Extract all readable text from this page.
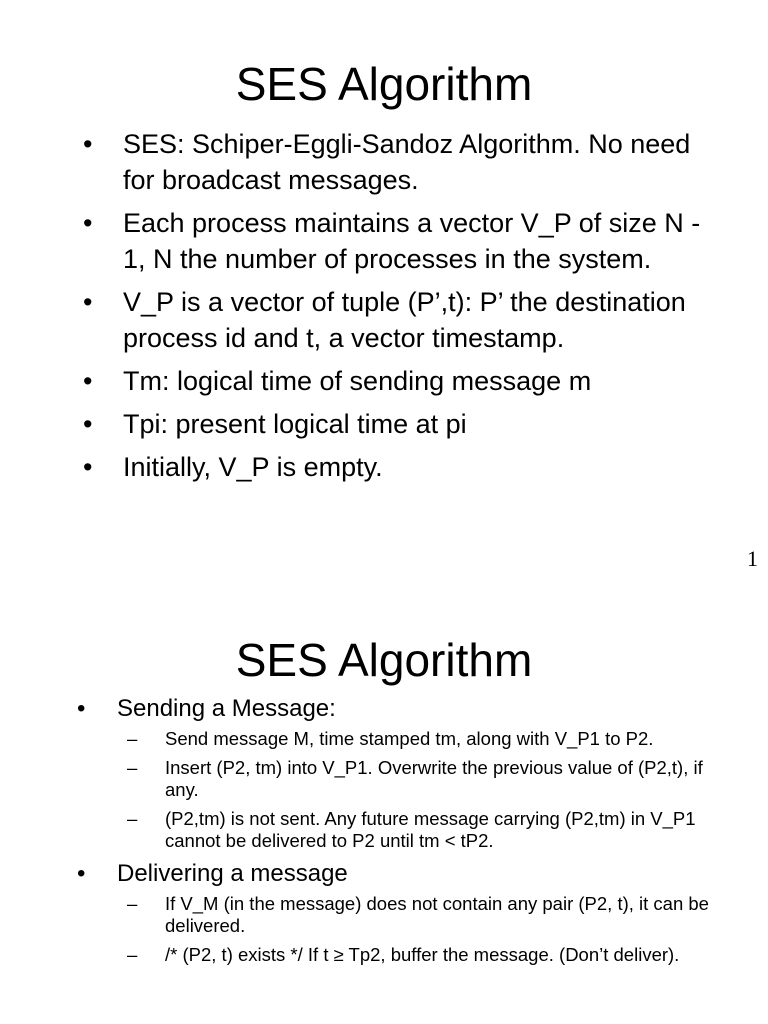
SES Algorithm
• SES: Schiper-Eggli-Sandoz Algorithm. No need for broadcast messages.
• Each process maintains a vector V_P of size N - 1, N the number of processes in the system.
• V_P is a vector of tuple (P’,t): P’ the destination process id and t, a vector timestamp.
• Tm: logical time of sending message m
• Tpi: present logical time at pi
• Initially, V_P is empty.
1
SES Algorithm
• Sending a Message:
– Send message M, time stamped tm, along with V_P1 to P2.
– Insert (P2, tm) into V_P1. Overwrite the previous value of (P2,t), if any.
– (P2,tm) is not sent. Any future message carrying (P2,tm) in V_P1 cannot be delivered to P2 until tm < tP2.
• Delivering a message
– If V_M (in the message) does not contain any pair (P2, t), it can be delivered.
– /* (P2, t) exists */ If t ≥ Tp2, buffer the message. (Don’t deliver).
